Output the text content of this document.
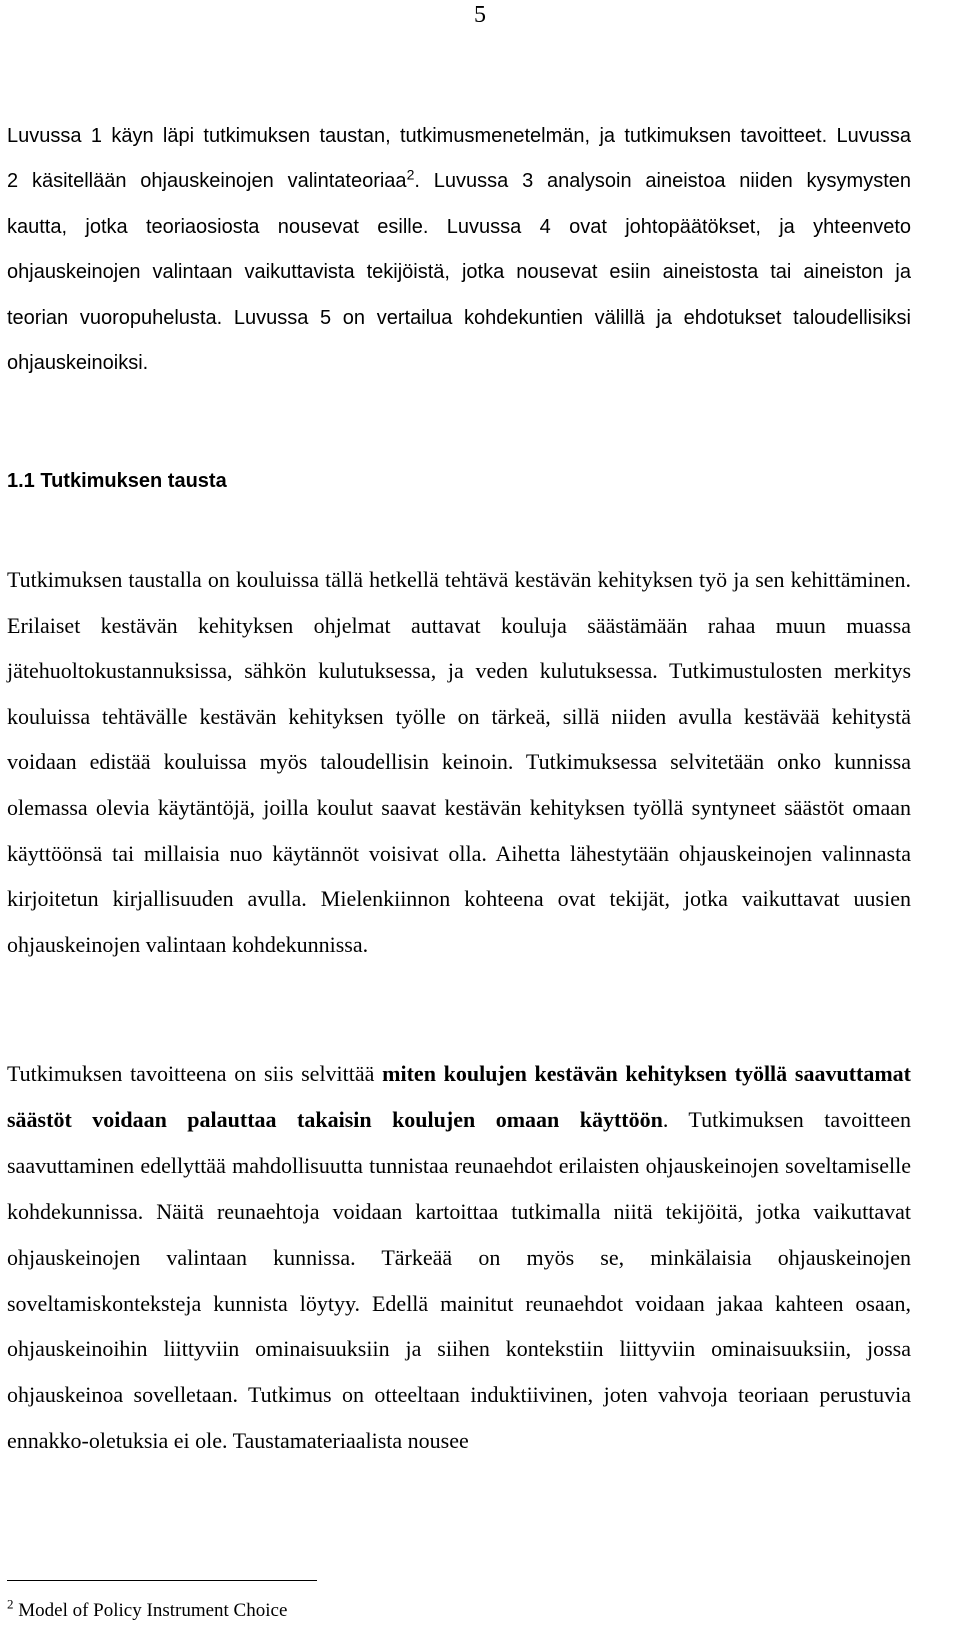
5

Luvussa 1 käyn läpi tutkimuksen taustan, tutkimusmenetelmän, ja tutkimuksen tavoitteet. Luvussa 2 käsitellään ohjauskeinojen valintateoriaa$^2$. Luvussa 3 analysoin aineistoa niiden kysymysten kautta, jotka teoriaosiosta nousevat esille. Luvussa 4 ovat johtopäätökset, ja yhteenveto ohjauskeinojen valintaan vaikuttavista tekijöistä, jotka nousevat esiin aineistosta tai aineiston ja teorian vuoropuhelusta. Luvussa 5 on vertailua kohdekuntien välillä ja ehdotukset taloudellisiksi ohjauskeinoiksi.

1.1 Tutkimuksen tausta

Tutkimuksen taustalla on kouluissa tällä hetkellä tehtävä kestävän kehityksen työ ja sen kehittäminen. Erilaiset kestävän kehityksen ohjelmat auttavat kouluja säästämään rahaa muun muassa jätehuoltokustannuksissa, sähkön kulutuksessa, ja veden kulutuksessa. Tutkimustulosten merkitys kouluissa tehtävälle kestävän kehityksen työlle on tärkeä, sillä niiden avulla kestävää kehitystä voidaan edistää kouluissa myös taloudellisin keinoin. Tutkimuksessa selvitetään onko kunnissa olemassa olevia käytäntöjä, joilla koulut saavat kestävän kehityksen työllä syntyneet säästöt omaan käyttöönsä tai millaisia nuo käytännöt voisivat olla. Aihetta lähestytään ohjauskeinojen valinnasta kirjoitetun kirjallisuuden avulla. Mielenkiinnon kohteena ovat tekijät, jotka vaikuttavat uusien ohjauskeinojen valintaan kohdekunnissa.

Tutkimuksen tavoitteena on siis selvittää miten koulujen kestävän kehityksen työllä saavuttamat säästöt voidaan palauttaa takaisin koulujen omaan käyttöön. Tutkimuksen tavoitteen saavuttaminen edellyttää mahdollisuutta tunnistaa reunaehdot erilaisten ohjauskeinojen soveltamiselle kohdekunnissa. Näitä reunaehtoja voidaan kartoittaa tutkimalla niitä tekijöitä, jotka vaikuttavat ohjauskeinojen valintaan kunnissa. Tärkeää on myös se, minkälaisia ohjauskeinojen soveltamiskonteksteja kunnista löytyy. Edellä mainitut reunaehdot voidaan jakaa kahteen osaan, ohjauskeinoihin liittyviin ominaisuuksiin ja siihen kontekstiin liittyviin ominaisuuksiin, jossa ohjauskeinoa sovelletaan. Tutkimus on otteeltaan induktiivinen, joten vahvoja teoriaan perustuvia ennakko-oletuksia ei ole. Taustamateriaalista nousee

$^2$ Model of Policy Instrument Choice
